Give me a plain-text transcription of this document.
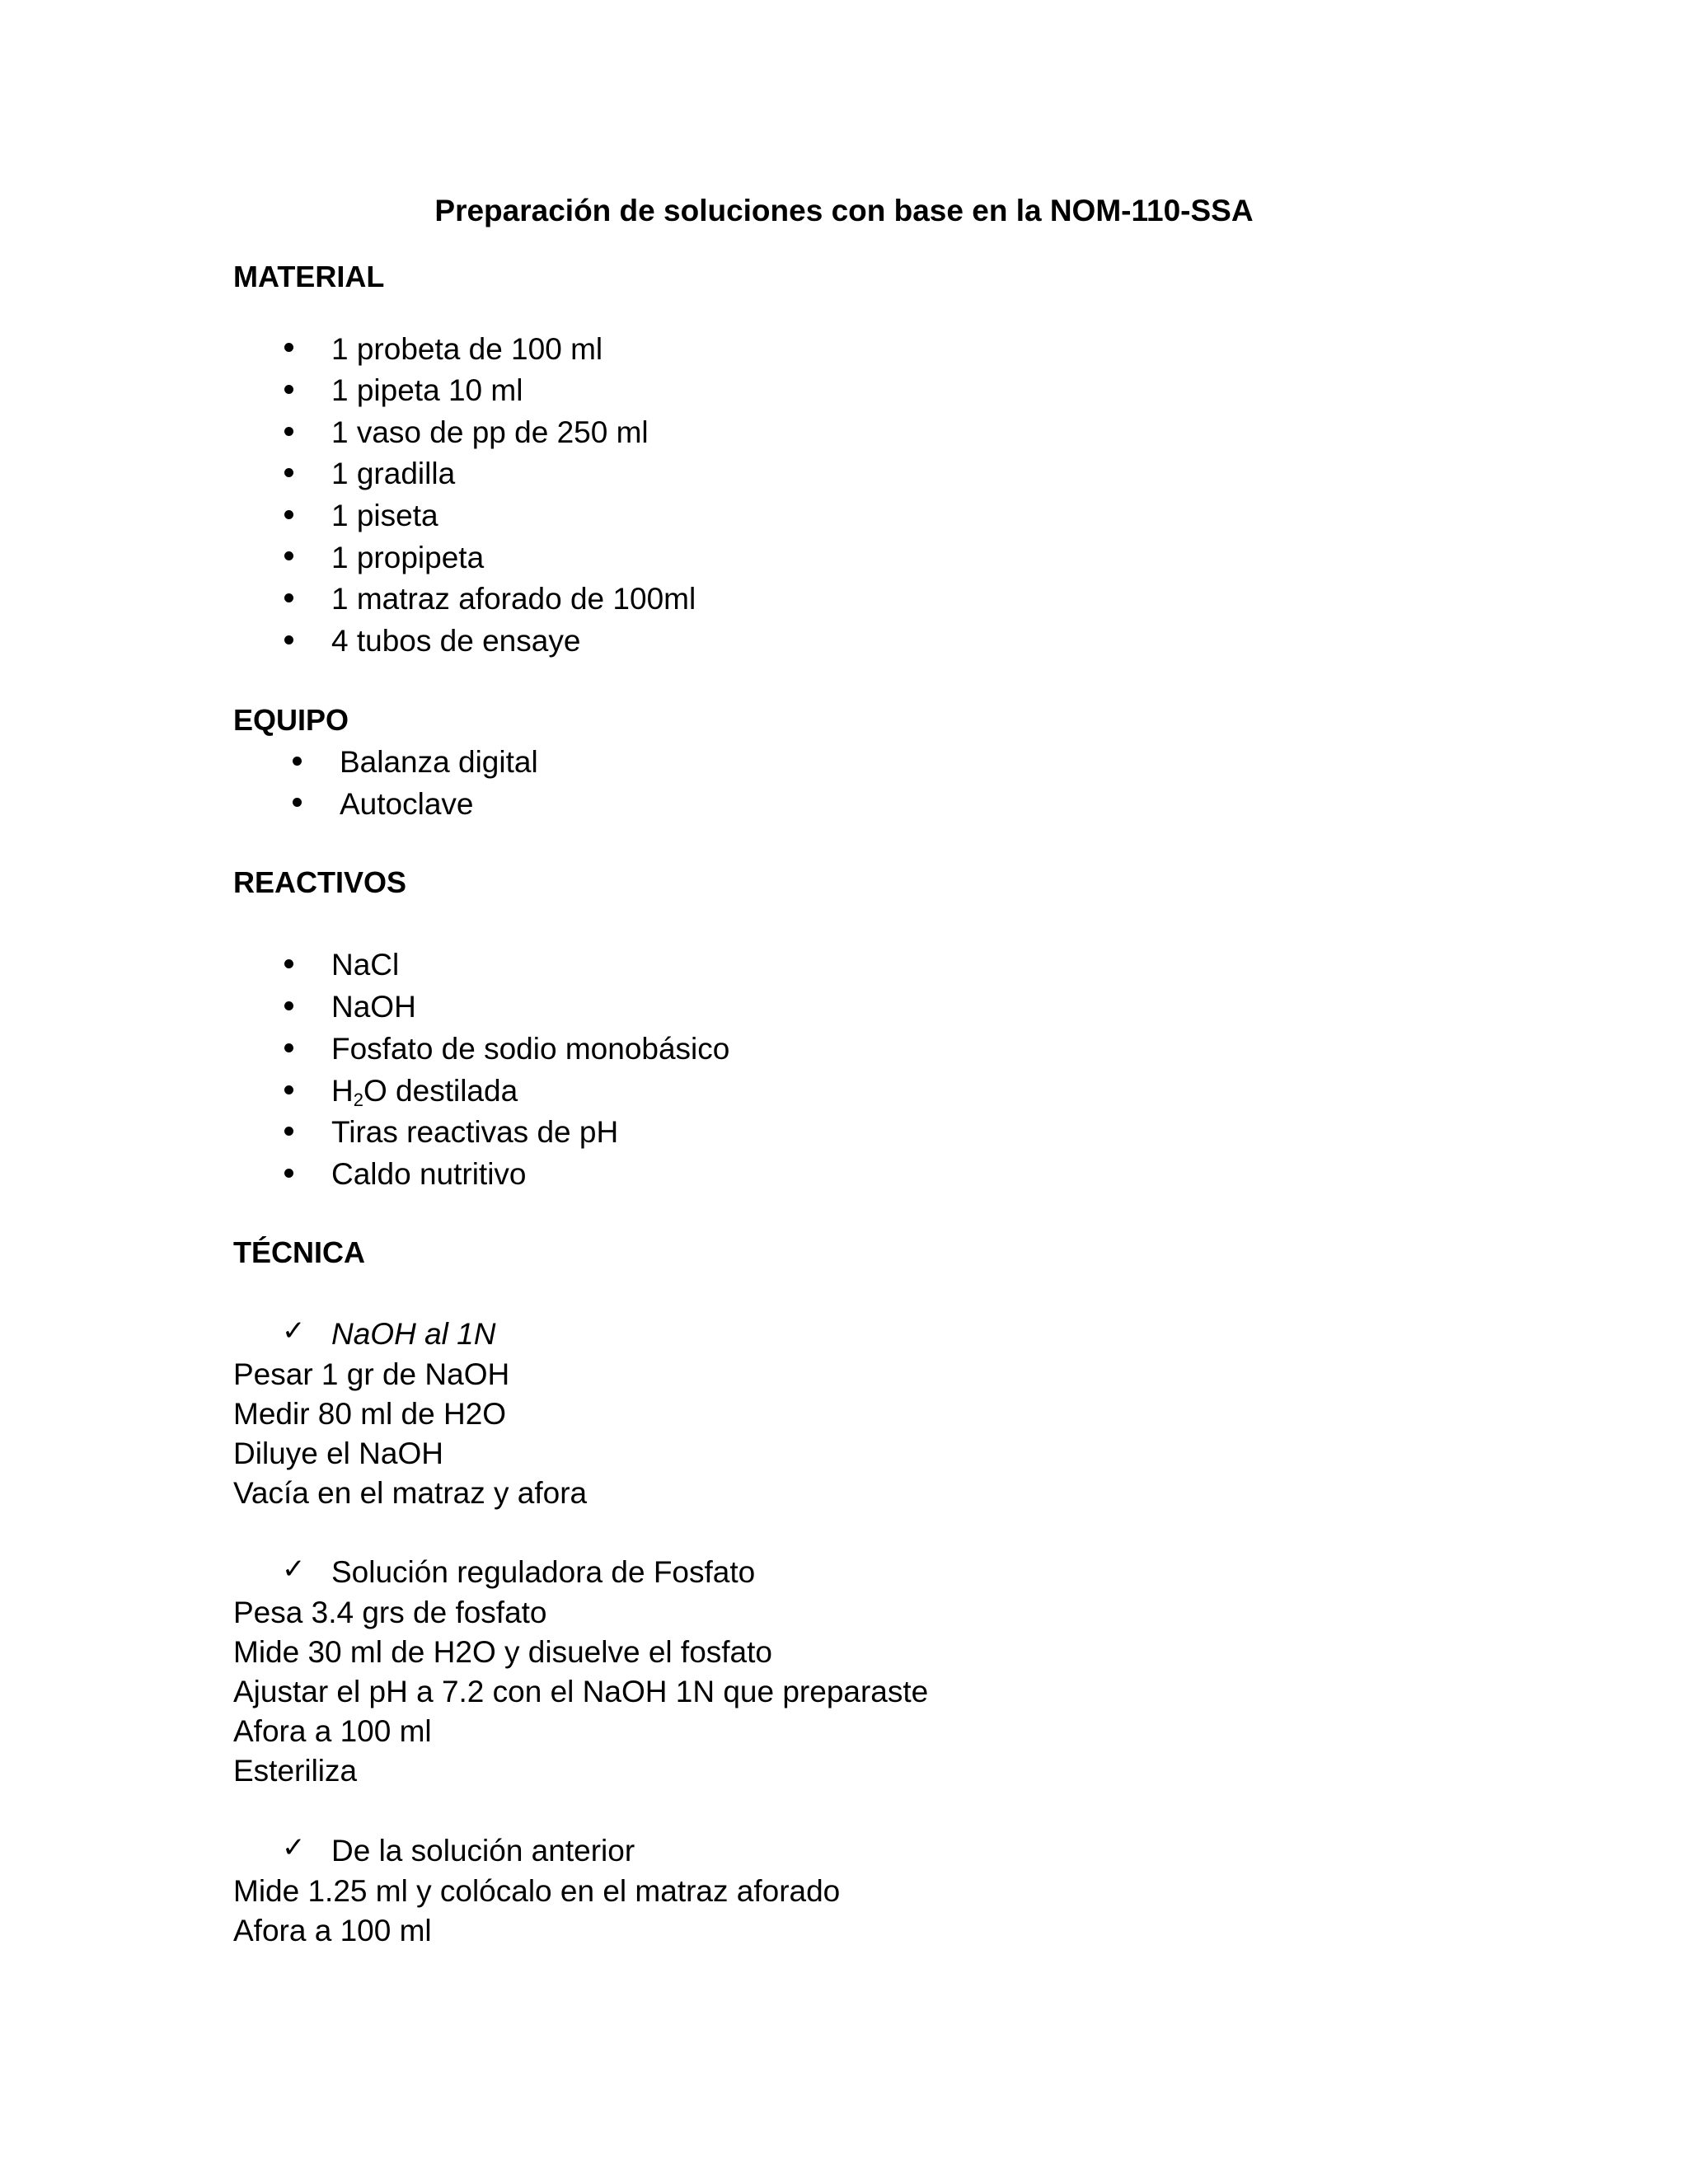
Preparación de soluciones con base en la NOM-110-SSA
MATERIAL
1 probeta de 100 ml
1 pipeta 10 ml
1 vaso de pp de 250 ml
1 gradilla
1 piseta
1 propipeta
1 matraz aforado de 100ml
4 tubos de ensaye
EQUIPO
Balanza digital
Autoclave
REACTIVOS
NaCl
NaOH
Fosfato de sodio monobásico
$H_2O$ destilada
Tiras reactivas de pH
Caldo nutritivo
TÉCNICA
✓ NaOH al 1N
Pesar 1 gr de NaOH
Medir 80 ml de H2O
Diluye el NaOH
Vacía en el matraz y afora
✓ Solución reguladora de Fosfato
Pesa 3.4 grs de fosfato
Mide 30 ml de H2O y disuelve el fosfato
Ajustar el pH a 7.2 con el NaOH 1N que preparaste
Afora a 100 ml
Esteriliza
✓ De la solución anterior
Mide 1.25 ml y colócalo en el matraz aforado
Afora a 100 ml
